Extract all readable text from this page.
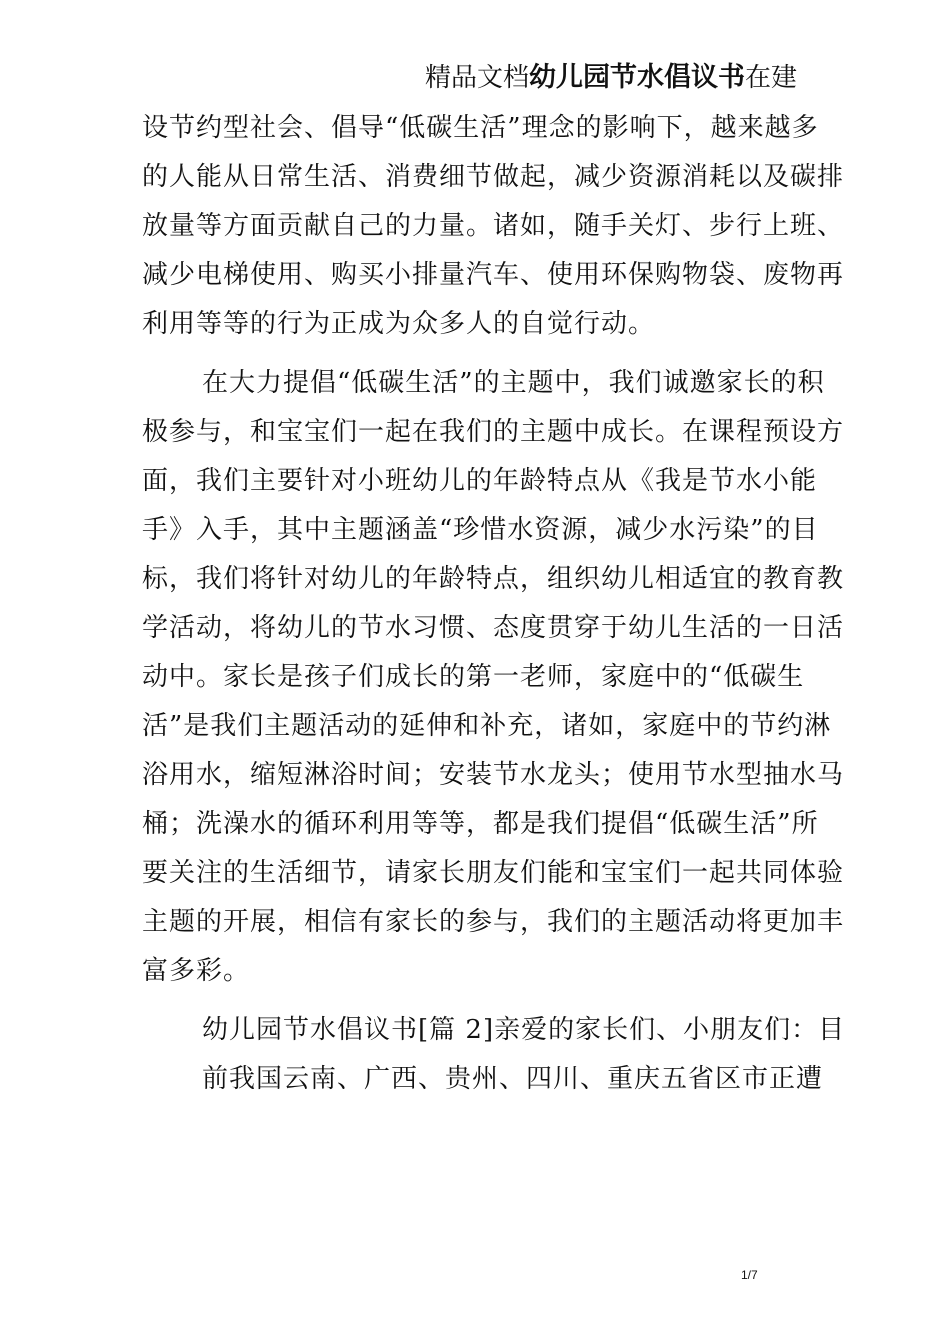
精品文档幼儿园节水倡议书在建
设节约型社会、倡导“低碳生活”理念的影响下，越来越多
的人能从日常生活、消费细节做起，减少资源消耗以及碳排
放量等方面贡献自己的力量。诸如，随手关灯、步行上班、
减少电梯使用、购买小排量汽车、使用环保购物袋、废物再
利用等等的行为正成为众多人的自觉行动。
在大力提倡“低碳生活”的主题中，我们诚邀家长的积
极参与，和宝宝们一起在我们的主题中成长。在课程预设方
面，我们主要针对小班幼儿的年龄特点从《我是节水小能
手》入手，其中主题涵盖“珍惜水资源，减少水污染”的目
标，我们将针对幼儿的年龄特点，组织幼儿相适宜的教育教
学活动，将幼儿的节水习惯、态度贯穿于幼儿生活的一日活
动中。家长是孩子们成长的第一老师，家庭中的“低碳生
活”是我们主题活动的延伸和补充，诸如，家庭中的节约淋
浴用水，缩短淋浴时间；安装节水龙头；使用节水型抽水马
桶；洗澡水的循环利用等等，都是我们提倡“低碳生活”所
要关注的生活细节，请家长朋友们能和宝宝们一起共同体验
主题的开展，相信有家长的参与，我们的主题活动将更加丰
富多彩。
幼儿园节水倡议书[篇 2]亲爱的家长们、小朋友们：目
前我国云南、广西、贵州、四川、重庆五省区市正遭
1/7
